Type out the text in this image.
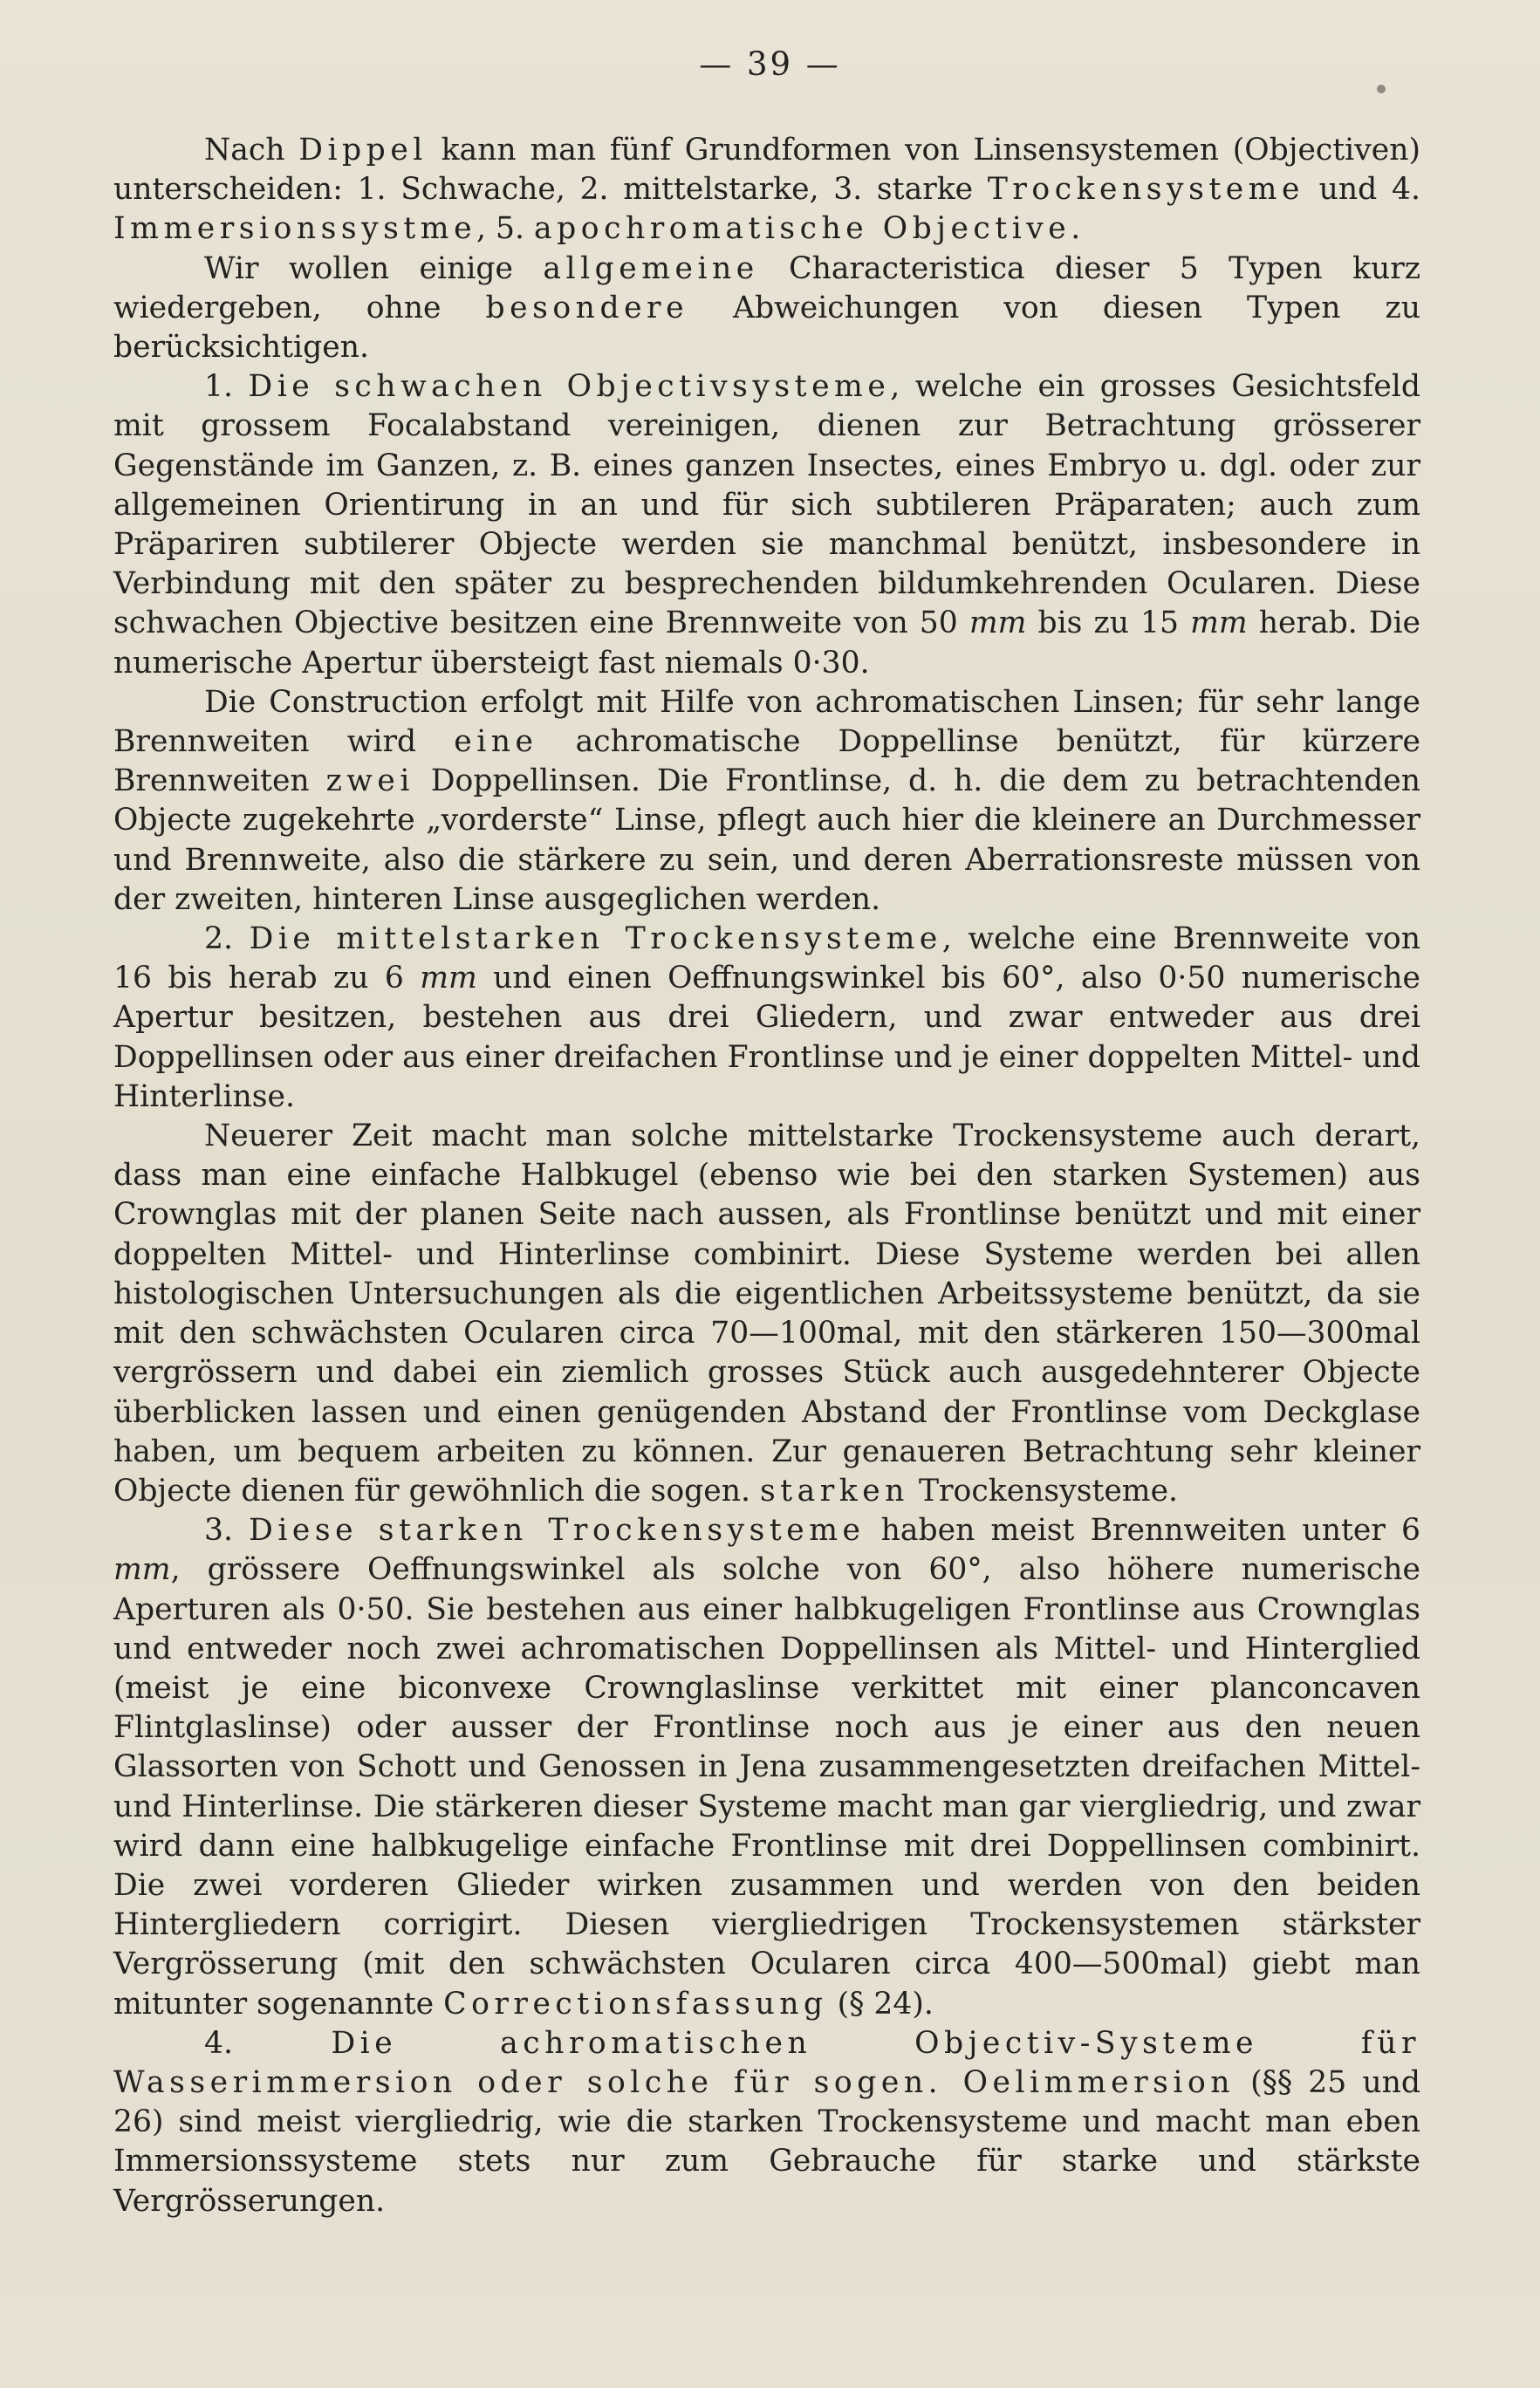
— 39 —

Nach Dippel kann man fünf Grundformen von Linsensystemen (Objectiven) unterscheiden: 1. Schwache, 2. mittelstarke, 3. starke Trockensysteme und 4. Immersionssystme, 5. apochromatische Objective.

Wir wollen einige allgemeine Characteristica dieser 5 Typen kurz wiedergeben, ohne besondere Abweichungen von diesen Typen zu berücksichtigen.

1. Die schwachen Objectivsysteme, welche ein grosses Gesichtsfeld mit grossem Focalabstand vereinigen, dienen zur Betrachtung grösserer Gegenstände im Ganzen, z. B. eines ganzen Insectes, eines Embryo u. dgl. oder zur allgemeinen Orientirung in an und für sich subtileren Präparaten; auch zum Präpariren subtilerer Objecte werden sie manchmal benützt, insbesondere in Verbindung mit den später zu besprechenden bildumkehrenden Ocularen. Diese schwachen Objective besitzen eine Brennweite von 50 mm bis zu 15 mm herab. Die numerische Apertur übersteigt fast niemals 0·30.

Die Construction erfolgt mit Hilfe von achromatischen Linsen; für sehr lange Brennweiten wird eine achromatische Doppellinse benützt, für kürzere Brennweiten zwei Doppellinsen. Die Frontlinse, d. h. die dem zu betrachtenden Objecte zugekehrte „vorderste“ Linse, pflegt auch hier die kleinere an Durchmesser und Brennweite, also die stärkere zu sein, und deren Aberrationsreste müssen von der zweiten, hinteren Linse ausgeglichen werden.

2. Die mittelstarken Trockensysteme, welche eine Brennweite von 16 bis herab zu 6 mm und einen Oeffnungswinkel bis 60°, also 0·50 numerische Apertur besitzen, bestehen aus drei Gliedern, und zwar entweder aus drei Doppellinsen oder aus einer dreifachen Frontlinse und je einer doppelten Mittel- und Hinterlinse.

Neuerer Zeit macht man solche mittelstarke Trockensysteme auch derart, dass man eine einfache Halbkugel (ebenso wie bei den starken Systemen) aus Crownglas mit der planen Seite nach aussen, als Frontlinse benützt und mit einer doppelten Mittel- und Hinterlinse combinirt. Diese Systeme werden bei allen histologischen Untersuchungen als die eigentlichen Arbeitssysteme benützt, da sie mit den schwächsten Ocularen circa 70—100mal, mit den stärkeren 150—300mal vergrössern und dabei ein ziemlich grosses Stück auch ausgedehnterer Objecte überblicken lassen und einen genügenden Abstand der Frontlinse vom Deckglase haben, um bequem arbeiten zu können. Zur genaueren Betrachtung sehr kleiner Objecte dienen für gewöhnlich die sogen. starken Trockensysteme.

3. Diese starken Trockensysteme haben meist Brennweiten unter 6 mm, grössere Oeffnungswinkel als solche von 60°, also höhere numerische Aperturen als 0·50. Sie bestehen aus einer halbkugeligen Frontlinse aus Crownglas und entweder noch zwei achromatischen Doppellinsen als Mittel- und Hinterglied (meist je eine biconvexe Crownglaslinse verkittet mit einer planconcaven Flintglaslinse) oder ausser der Frontlinse noch aus je einer aus den neuen Glassorten von Schott und Genossen in Jena zusammengesetzten dreifachen Mittel- und Hinterlinse. Die stärkeren dieser Systeme macht man gar viergliedrig, und zwar wird dann eine halbkugelige einfache Frontlinse mit drei Doppellinsen combinirt. Die zwei vorderen Glieder wirken zusammen und werden von den beiden Hintergliedern corrigirt. Diesen viergliedrigen Trockensystemen stärkster Vergrösserung (mit den schwächsten Ocularen circa 400—500mal) giebt man mitunter sogenannte Correctionsfassung (§ 24).

4. Die achromatischen Objectiv-Systeme für Wasserimmersion oder solche für sogen. Oelimmersion (§§ 25 und 26) sind meist viergliedrig, wie die starken Trockensysteme und macht man eben Immersionssysteme stets nur zum Gebrauche für starke und stärkste Vergrösserungen.
